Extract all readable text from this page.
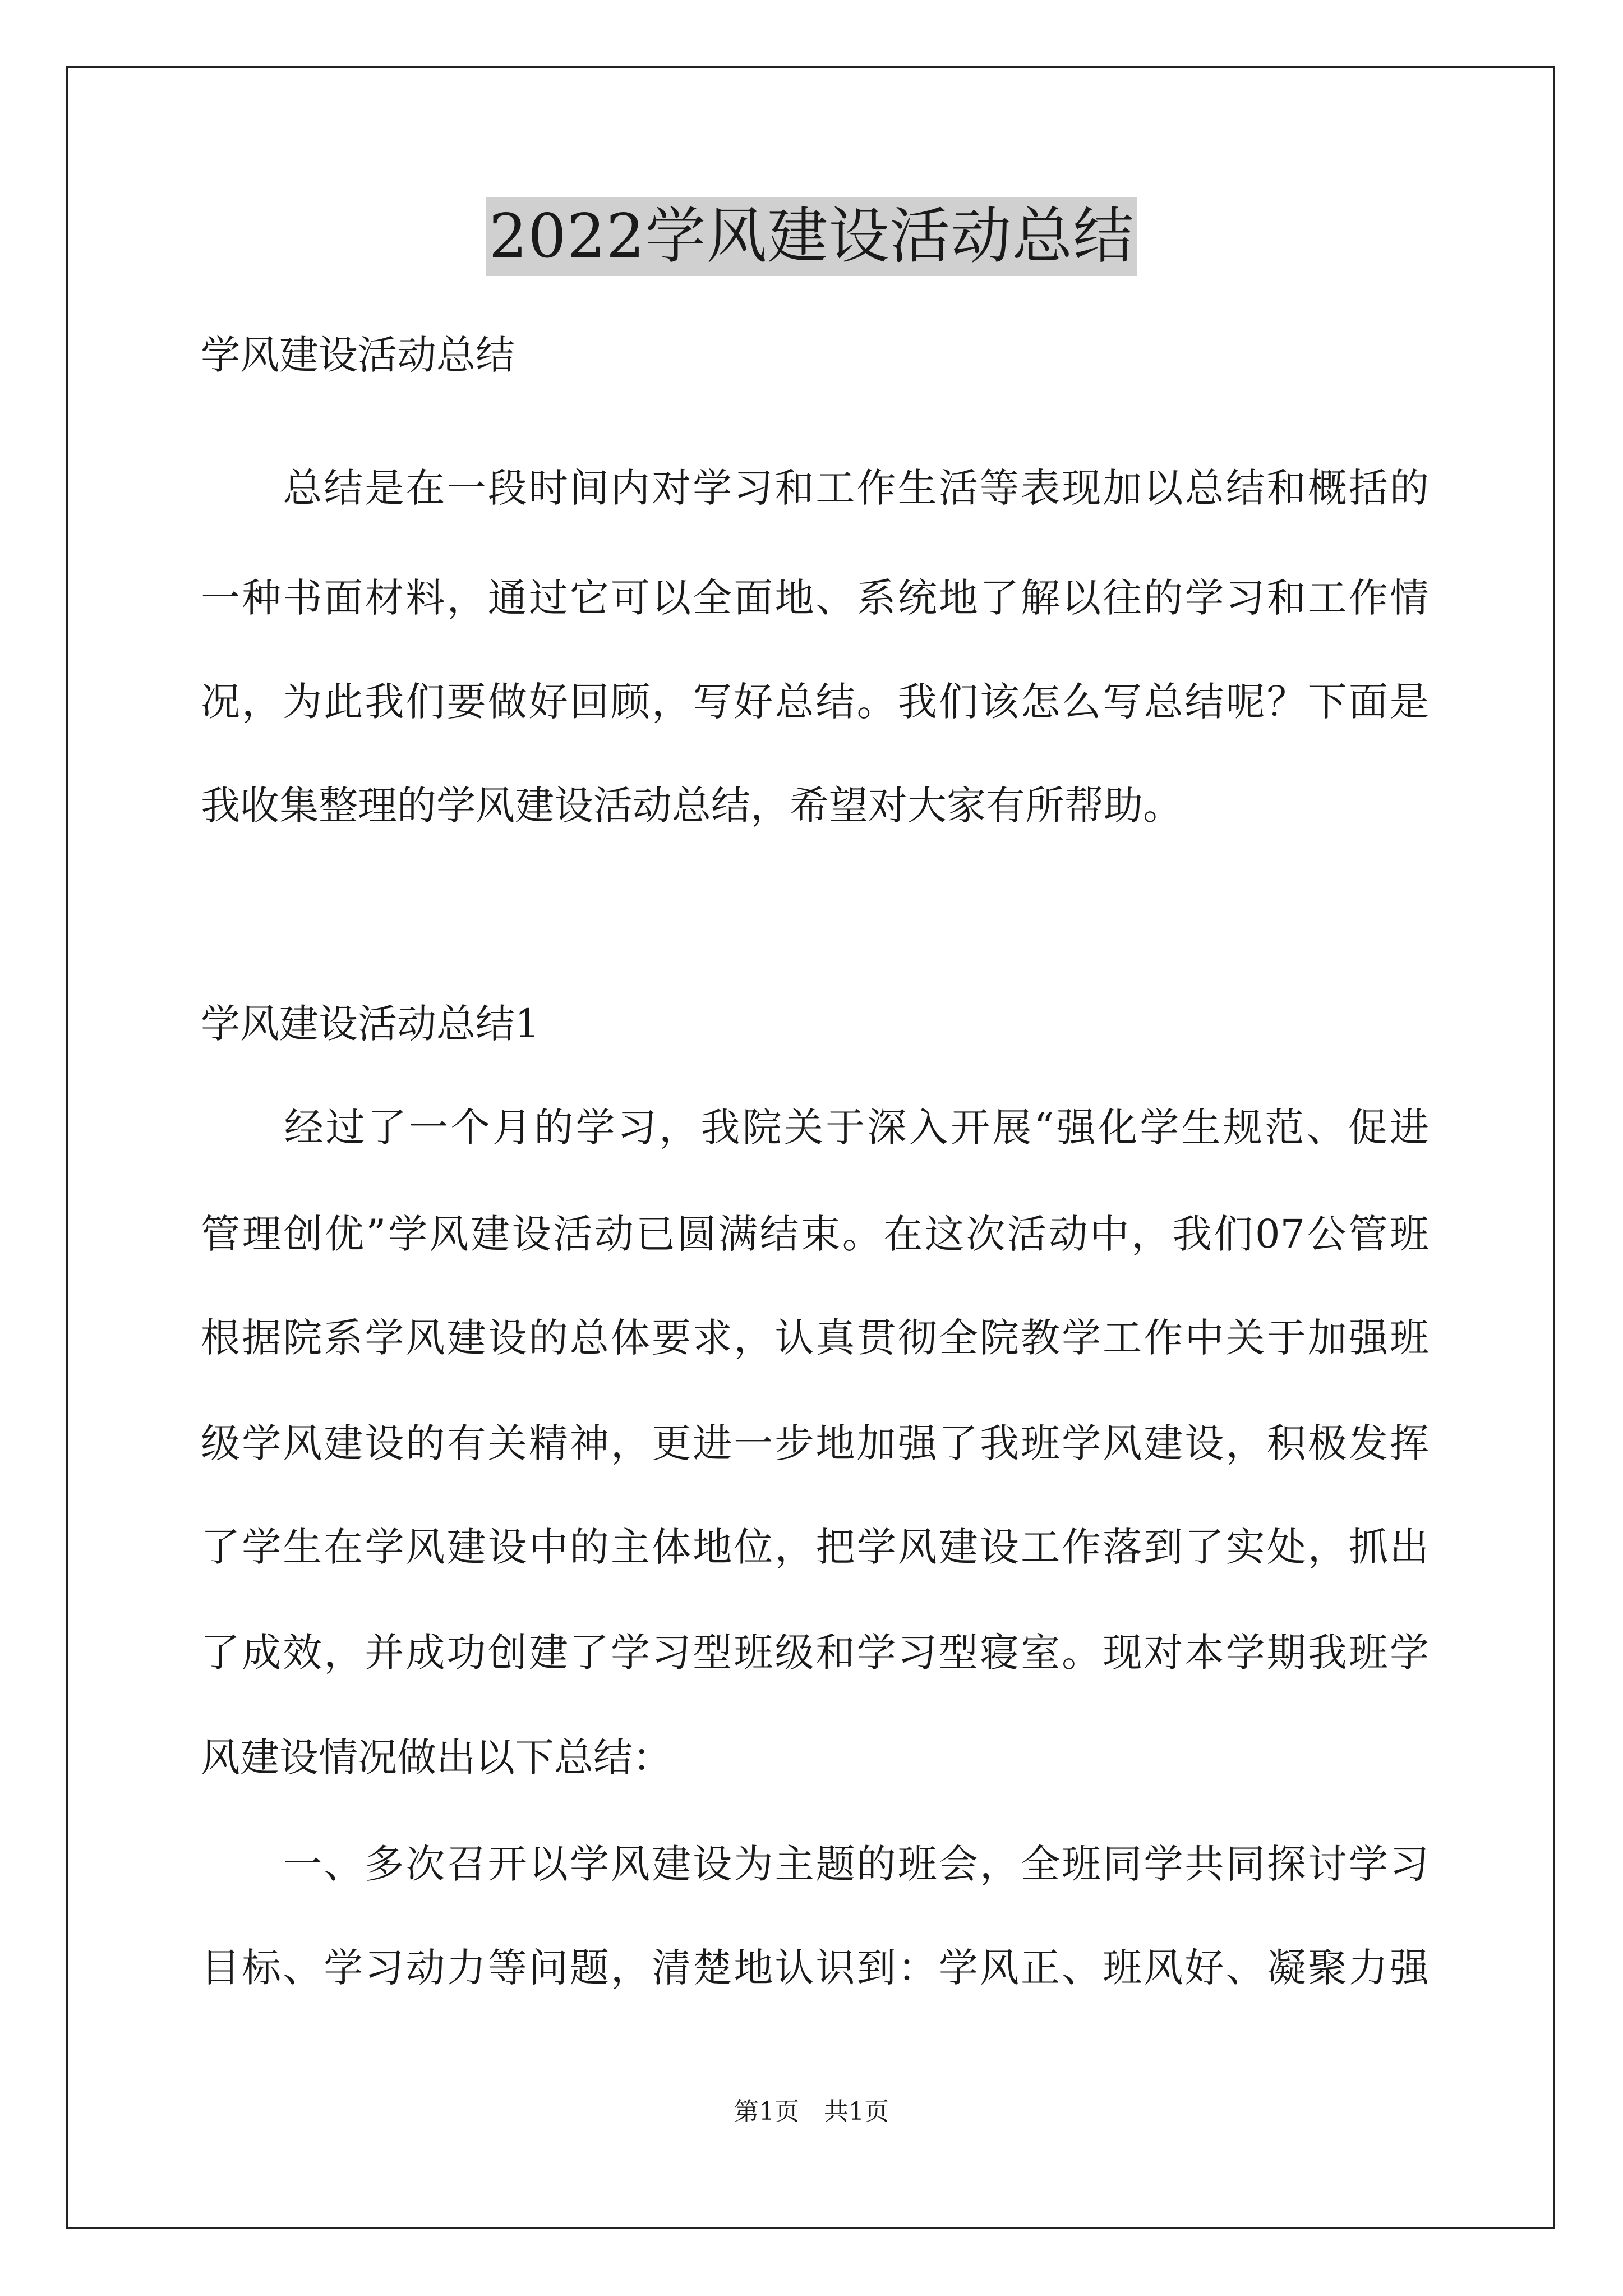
2022学风建设活动总结
学风建设活动总结
　　总结是在一段时间内对学习和工作生活等表现加以总结和概括的
一种书面材料，通过它可以全面地、系统地了解以往的学习和工作情
况，为此我们要做好回顾，写好总结。我们该怎么写总结呢？下面是
我收集整理的学风建设活动总结，希望对大家有所帮助。
学风建设活动总结1
　　经过了一个月的学习，我院关于深入开展“强化学生规范、促进
管理创优”学风建设活动已圆满结束。在这次活动中，我们07公管班
根据院系学风建设的总体要求，认真贯彻全院教学工作中关于加强班
级学风建设的有关精神，更进一步地加强了我班学风建设，积极发挥
了学生在学风建设中的主体地位，把学风建设工作落到了实处，抓出
了成效，并成功创建了学习型班级和学习型寝室。现对本学期我班学
风建设情况做出以下总结：
　　一、多次召开以学风建设为主题的班会，全班同学共同探讨学习
目标、学习动力等问题，清楚地认识到：学风正、班风好、凝聚力强
第1页　共1页
